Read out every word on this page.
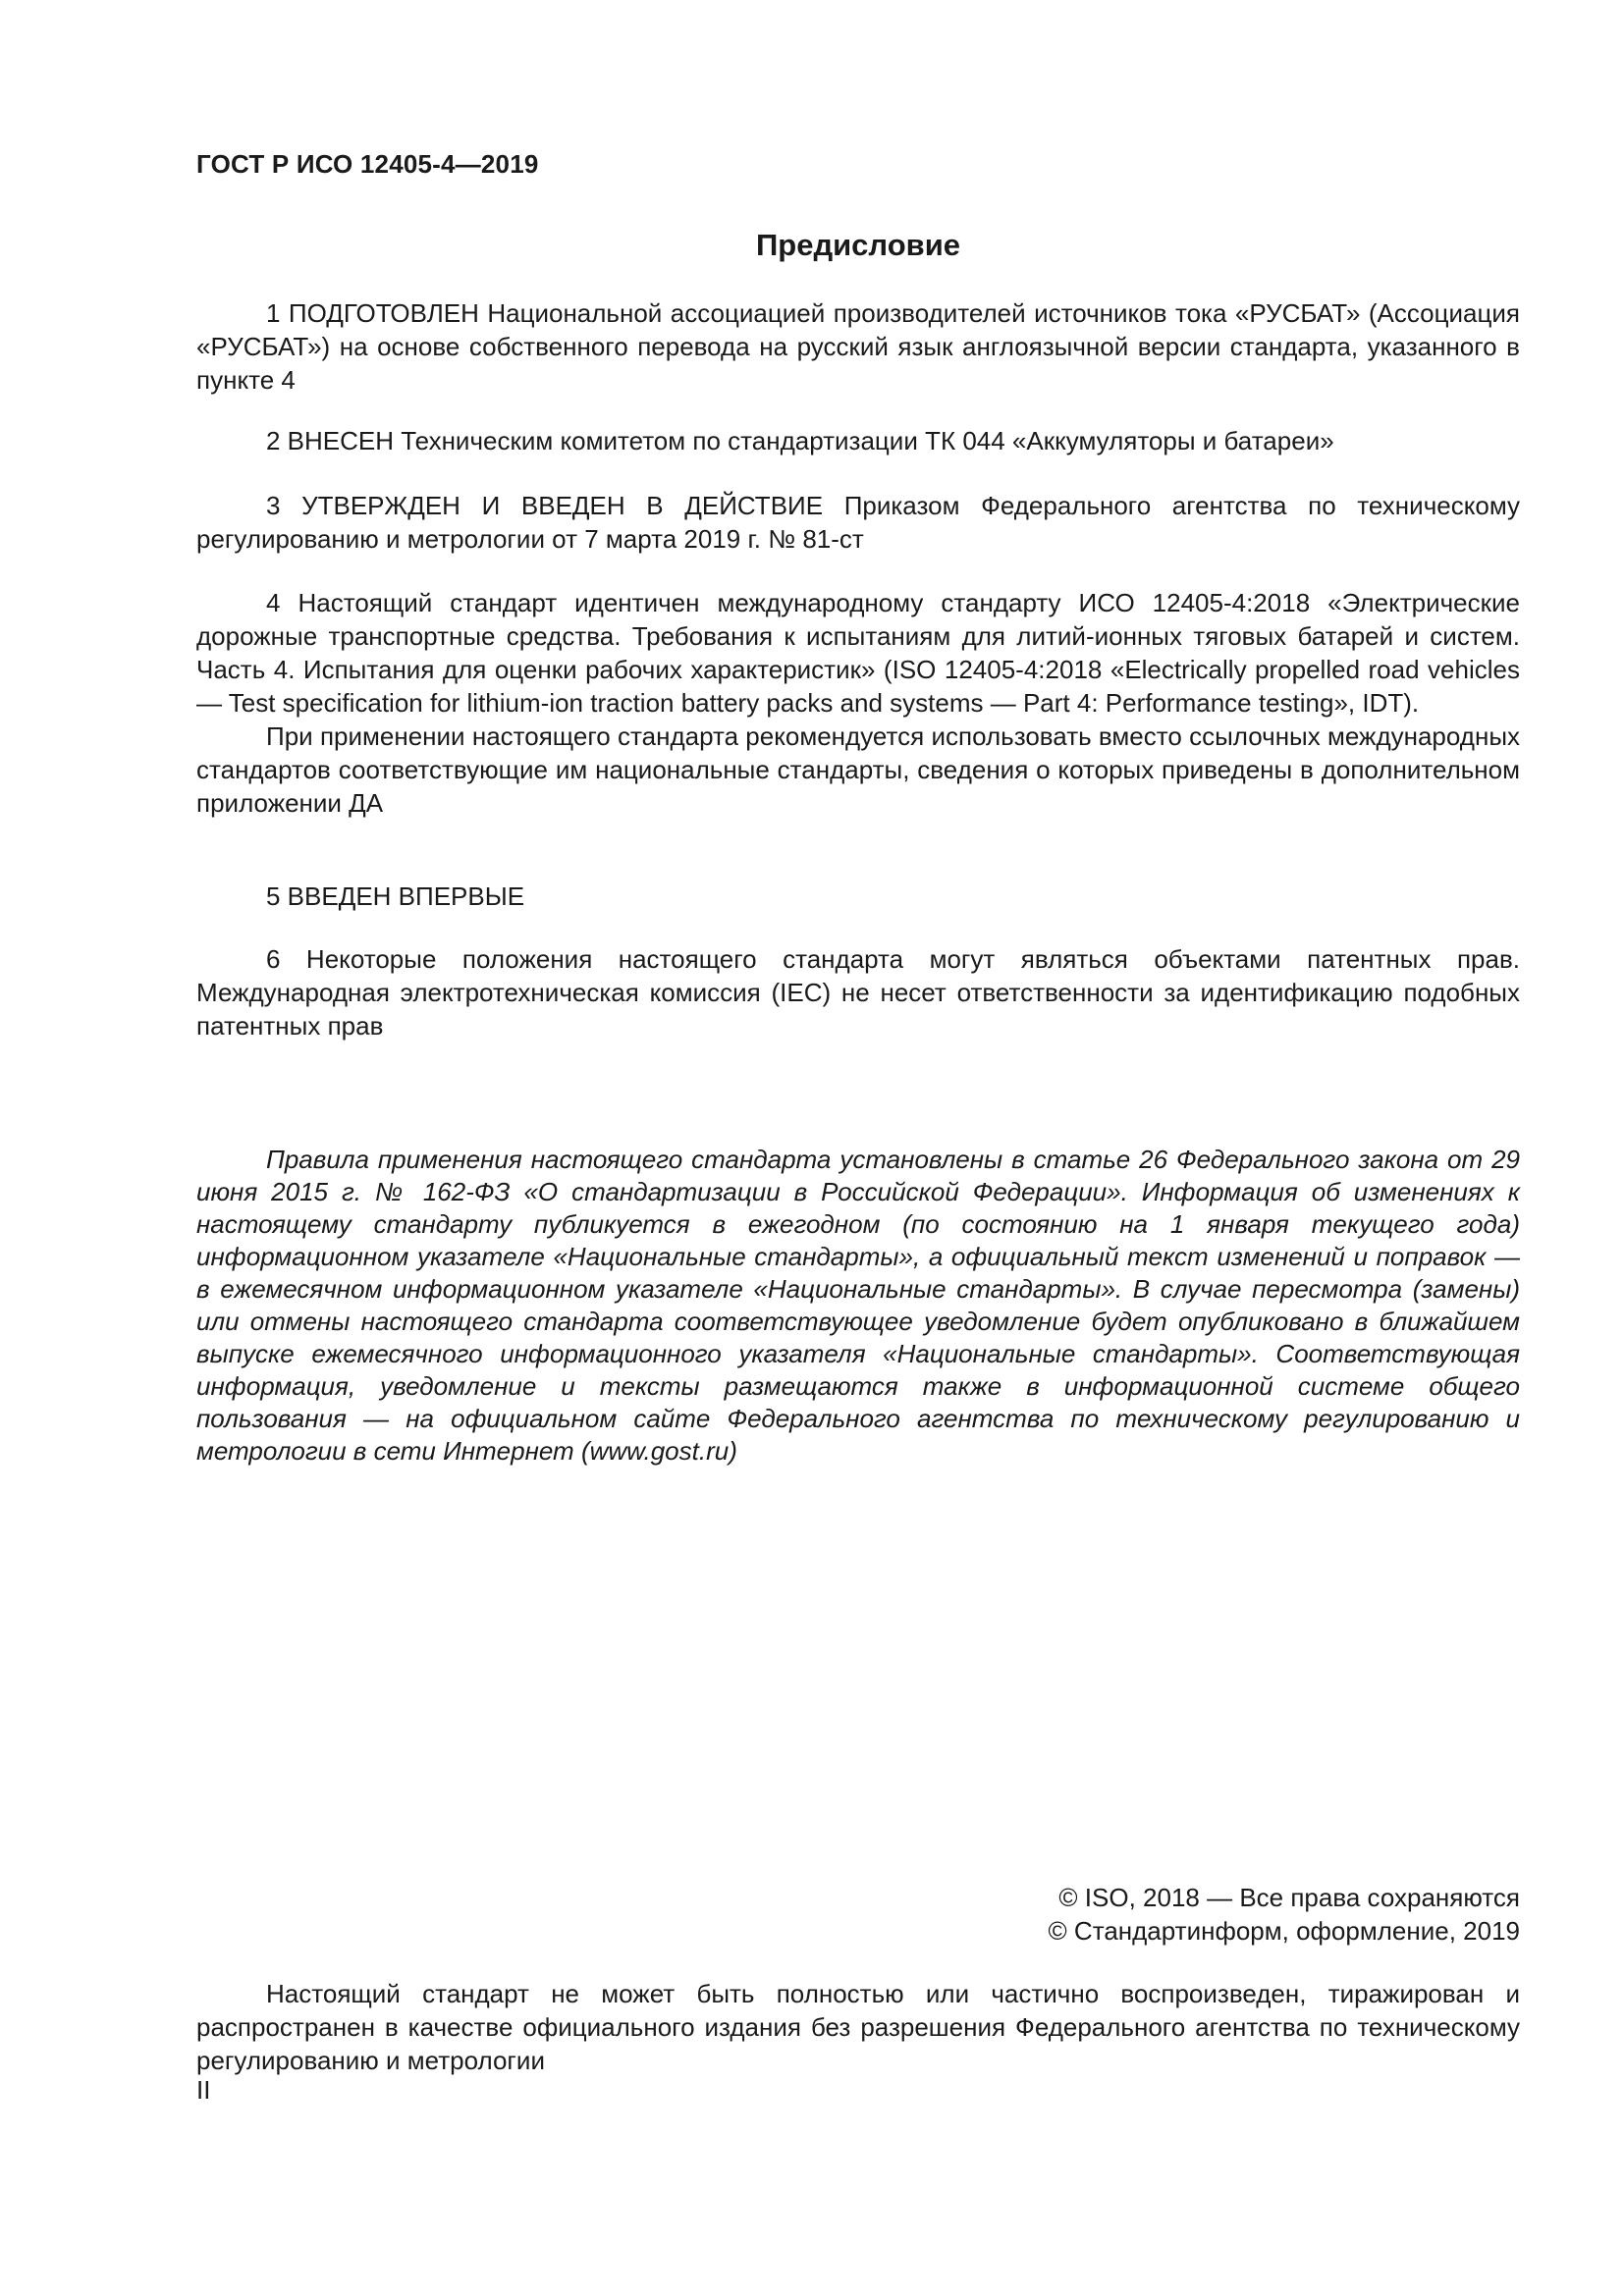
ГОСТ Р ИСО 12405-4—2019
Предисловие

1 ПОДГОТОВЛЕН Национальной ассоциацией производителей источников тока «РУСБАТ» (Ассоциация «РУСБАТ») на основе собственного перевода на русский язык англоязычной версии стандарта, указанного в пункте 4

2 ВНЕСЕН Техническим комитетом по стандартизации ТК 044 «Аккумуляторы и батареи»

3 УТВЕРЖДЕН И ВВЕДЕН В ДЕЙСТВИЕ Приказом Федерального агентства по техническому регулированию и метрологии от 7 марта 2019 г. № 81-ст

4 Настоящий стандарт идентичен международному стандарту ИСО 12405-4:2018 «Электрические дорожные транспортные средства. Требования к испытаниям для литий-ионных тяговых батарей и систем. Часть 4. Испытания для оценки рабочих характеристик» (ISO 12405-4:2018 «Electrically propelled road vehicles — Test specification for lithium-ion traction battery packs and systems — Part 4: Performance testing», IDT).

При применении настоящего стандарта рекомендуется использовать вместо ссылочных международных стандартов соответствующие им национальные стандарты, сведения о которых приведены в дополнительном приложении ДА

5 ВВЕДЕН ВПЕРВЫЕ

6 Некоторые положения настоящего стандарта могут являться объектами патентных прав. Международная электротехническая комиссия (IEC) не несет ответственности за идентификацию подобных патентных прав

Правила применения настоящего стандарта установлены в статье 26 Федерального закона от 29 июня 2015 г. № 162-ФЗ «О стандартизации в Российской Федерации». Информация об изменениях к настоящему стандарту публикуется в ежегодном (по состоянию на 1 января текущего года) информационном указателе «Национальные стандарты», а официальный текст изменений и поправок — в ежемесячном информационном указателе «Национальные стандарты». В случае пересмотра (замены) или отмены настоящего стандарта соответствующее уведомление будет опубликовано в ближайшем выпуске ежемесячного информационного указателя «Национальные стандарты». Соответствующая информация, уведомление и тексты размещаются также в информационной системе общего пользования — на официальном сайте Федерального агентства по техническому регулированию и метрологии в сети Интернет (www.gost.ru)
© ISO, 2018 — Все права сохраняются
© Стандартинформ, оформление, 2019
Настоящий стандарт не может быть полностью или частично воспроизведен, тиражирован и распространен в качестве официального издания без разрешения Федерального агентства по техническому регулированию и метрологии
II
